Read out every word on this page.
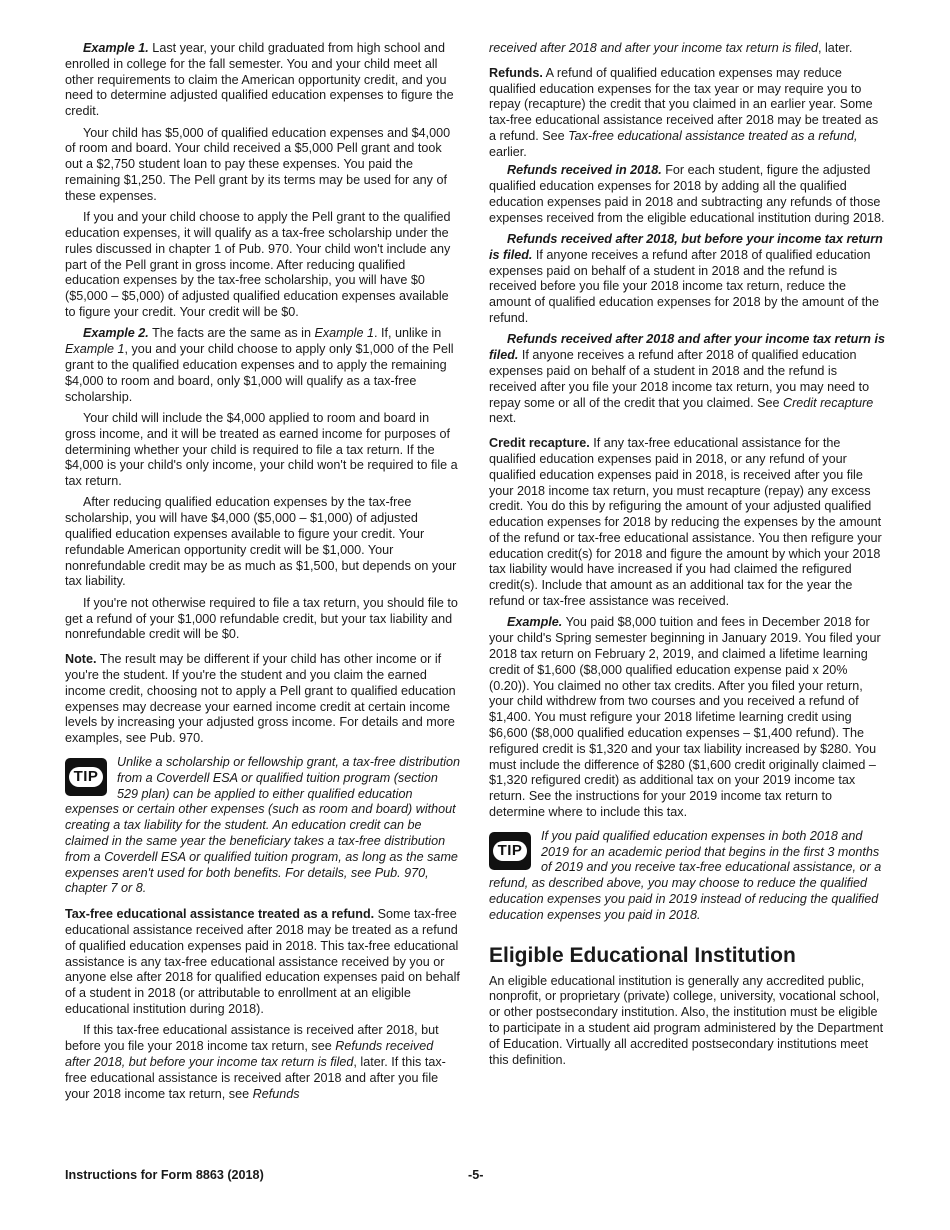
Example 1. Last year, your child graduated from high school and enrolled in college for the fall semester. You and your child meet all other requirements to claim the American opportunity credit, and you need to determine adjusted qualified education expenses to figure the credit.

Your child has $5,000 of qualified education expenses and $4,000 of room and board. Your child received a $5,000 Pell grant and took out a $2,750 student loan to pay these expenses. You paid the remaining $1,250. The Pell grant by its terms may be used for any of these expenses.

If you and your child choose to apply the Pell grant to the qualified education expenses, it will qualify as a tax-free scholarship under the rules discussed in chapter 1 of Pub. 970. Your child won't include any part of the Pell grant in gross income. After reducing qualified education expenses by the tax-free scholarship, you will have $0 ($5,000 – $5,000) of adjusted qualified education expenses available to figure your credit. Your credit will be $0.

Example 2. The facts are the same as in Example 1. If, unlike in Example 1, you and your child choose to apply only $1,000 of the Pell grant to the qualified education expenses and to apply the remaining $4,000 to room and board, only $1,000 will qualify as a tax-free scholarship.

Your child will include the $4,000 applied to room and board in gross income, and it will be treated as earned income for purposes of determining whether your child is required to file a tax return. If the $4,000 is your child's only income, your child won't be required to file a tax return.

After reducing qualified education expenses by the tax-free scholarship, you will have $4,000 ($5,000 – $1,000) of adjusted qualified education expenses available to figure your credit. Your refundable American opportunity credit will be $1,000. Your nonrefundable credit may be as much as $1,500, but depends on your tax liability.

If you're not otherwise required to file a tax return, you should file to get a refund of your $1,000 refundable credit, but your tax liability and nonrefundable credit will be $0.

Note. The result may be different if your child has other income or if you're the student. If you're the student and you claim the earned income credit, choosing not to apply a Pell grant to qualified education expenses may decrease your earned income credit at certain income levels by increasing your adjusted gross income. For details and more examples, see Pub. 970.

TIP
Unlike a scholarship or fellowship grant, a tax-free distribution from a Coverdell ESA or qualified tuition program (section 529 plan) can be applied to either qualified education expenses or certain other expenses (such as room and board) without creating a tax liability for the student. An education credit can be claimed in the same year the beneficiary takes a tax-free distribution from a Coverdell ESA or qualified tuition program, as long as the same expenses aren't used for both benefits. For details, see Pub. 970, chapter 7 or 8.

Tax-free educational assistance treated as a refund. Some tax-free educational assistance received after 2018 may be treated as a refund of qualified education expenses paid in 2018. This tax-free educational assistance is any tax-free educational assistance received by you or anyone else after 2018 for qualified education expenses paid on behalf of a student in 2018 (or attributable to enrollment at an eligible educational institution during 2018).

If this tax-free educational assistance is received after 2018, but before you file your 2018 income tax return, see Refunds received after 2018, but before your income tax return is filed, later. If this tax-free educational assistance is received after 2018 and after you file your 2018 income tax return, see Refunds

received after 2018 and after your income tax return is filed, later.

Refunds. A refund of qualified education expenses may reduce qualified education expenses for the tax year or may require you to repay (recapture) the credit that you claimed in an earlier year. Some tax-free educational assistance received after 2018 may be treated as a refund. See Tax-free educational assistance treated as a refund, earlier.

Refunds received in 2018. For each student, figure the adjusted qualified education expenses for 2018 by adding all the qualified education expenses paid in 2018 and subtracting any refunds of those expenses received from the eligible educational institution during 2018.

Refunds received after 2018, but before your income tax return is filed. If anyone receives a refund after 2018 of qualified education expenses paid on behalf of a student in 2018 and the refund is received before you file your 2018 income tax return, reduce the amount of qualified education expenses for 2018 by the amount of the refund.

Refunds received after 2018 and after your income tax return is filed. If anyone receives a refund after 2018 of qualified education expenses paid on behalf of a student in 2018 and the refund is received after you file your 2018 income tax return, you may need to repay some or all of the credit that you claimed. See Credit recapture next.

Credit recapture. If any tax-free educational assistance for the qualified education expenses paid in 2018, or any refund of your qualified education expenses paid in 2018, is received after you file your 2018 income tax return, you must recapture (repay) any excess credit. You do this by refiguring the amount of your adjusted qualified education expenses for 2018 by reducing the expenses by the amount of the refund or tax-free educational assistance. You then refigure your education credit(s) for 2018 and figure the amount by which your 2018 tax liability would have increased if you had claimed the refigured credit(s). Include that amount as an additional tax for the year the refund or tax-free assistance was received.

Example. You paid $8,000 tuition and fees in December 2018 for your child's Spring semester beginning in January 2019. You filed your 2018 tax return on February 2, 2019, and claimed a lifetime learning credit of $1,600 ($8,000 qualified education expense paid x 20% (0.20)). You claimed no other tax credits. After you filed your return, your child withdrew from two courses and you received a refund of $1,400. You must refigure your 2018 lifetime learning credit using $6,600 ($8,000 qualified education expenses – $1,400 refund). The refigured credit is $1,320 and your tax liability increased by $280. You must include the difference of $280 ($1,600 credit originally claimed – $1,320 refigured credit) as additional tax on your 2019 income tax return. See the instructions for your 2019 income tax return to determine where to include this tax.

TIP
If you paid qualified education expenses in both 2018 and 2019 for an academic period that begins in the first 3 months of 2019 and you receive tax-free educational assistance, or a refund, as described above, you may choose to reduce the qualified education expenses you paid in 2019 instead of reducing the qualified education expenses you paid in 2018.
Eligible Educational Institution

An eligible educational institution is generally any accredited public, nonprofit, or proprietary (private) college, university, vocational school, or other postsecondary institution. Also, the institution must be eligible to participate in a student aid program administered by the Department of Education. Virtually all accredited postsecondary institutions meet this definition.

Instructions for Form 8863 (2018)	-5-
